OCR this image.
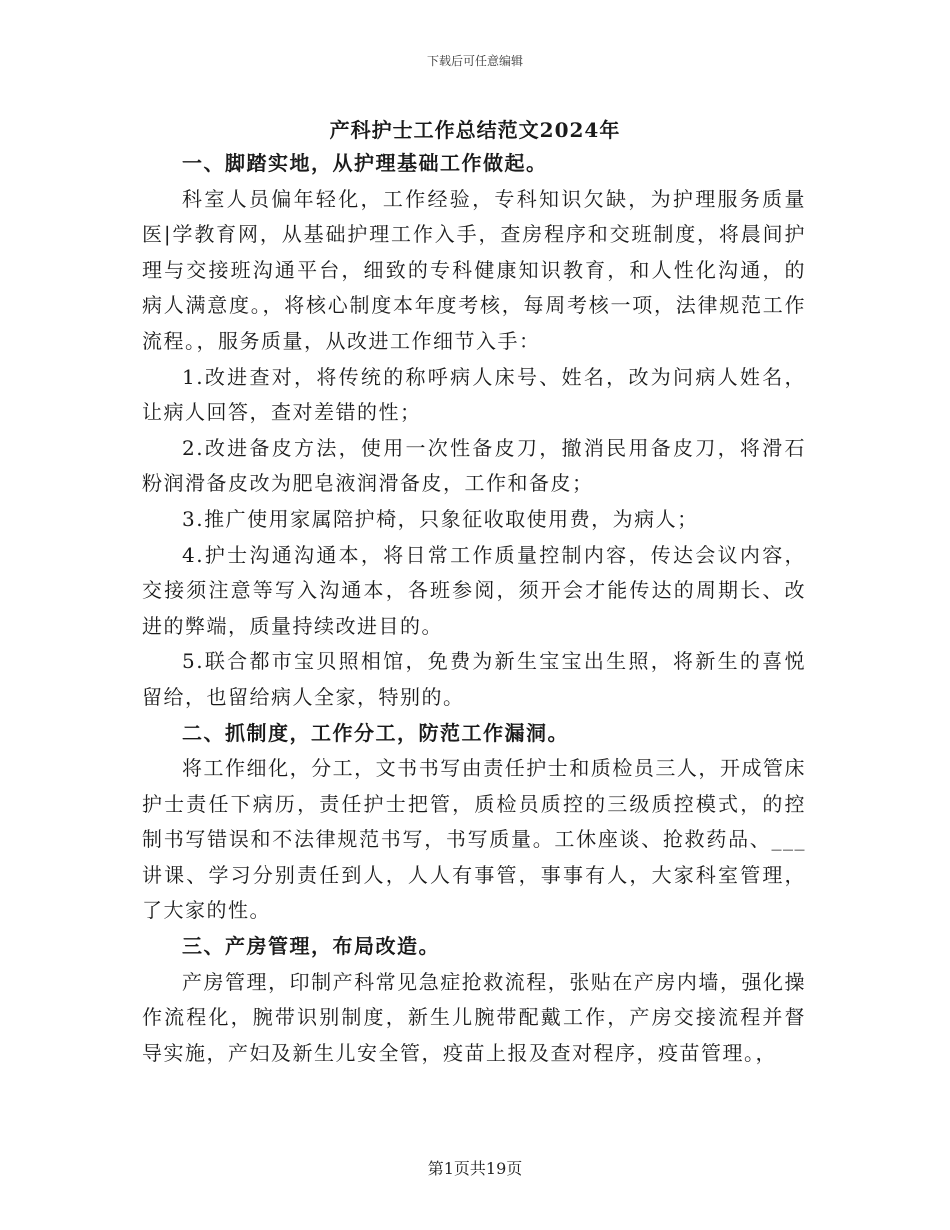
下载后可任意编辑
产科护士工作总结范文2024年

一、脚踏实地，从护理基础工作做起。

科室人员偏年轻化，工作经验，专科知识欠缺，为护理服务质量医|学教育网，从基础护理工作入手，查房程序和交班制度，将晨间护理与交接班沟通平台，细致的专科健康知识教育，和人性化沟通，的病人满意度。，将核心制度本年度考核，每周考核一项，法律规范工作流程。，服务质量，从改进工作细节入手：

1.改进查对，将传统的称呼病人床号、姓名，改为问病人姓名，让病人回答，查对差错的性；

2.改进备皮方法，使用一次性备皮刀，撤消民用备皮刀，将滑石粉润滑备皮改为肥皂液润滑备皮，工作和备皮；

3.推广使用家属陪护椅，只象征收取使用费，为病人；

4.护士沟通沟通本，将日常工作质量控制内容，传达会议内容，交接须注意等写入沟通本，各班参阅，须开会才能传达的周期长、改进的弊端，质量持续改进目的。

5.联合都市宝贝照相馆，免费为新生宝宝出生照，将新生的喜悦留给，也留给病人全家，特别的。

二、抓制度，工作分工，防范工作漏洞。

将工作细化，分工，文书书写由责任护士和质检员三人，开成管床护士责任下病历，责任护士把管，质检员质控的三级质控模式，的控制书写错误和不法律规范书写，书写质量。工休座谈、抢救药品、___讲课、学习分别责任到人，人人有事管，事事有人，大家科室管理，了大家的性。

三、产房管理，布局改造。

产房管理，印制产科常见急症抢救流程，张贴在产房内墙，强化操作流程化，腕带识别制度，新生儿腕带配戴工作，产房交接流程并督导实施，产妇及新生儿安全管，疫苗上报及查对程序，疫苗管理。，

第1页共19页
